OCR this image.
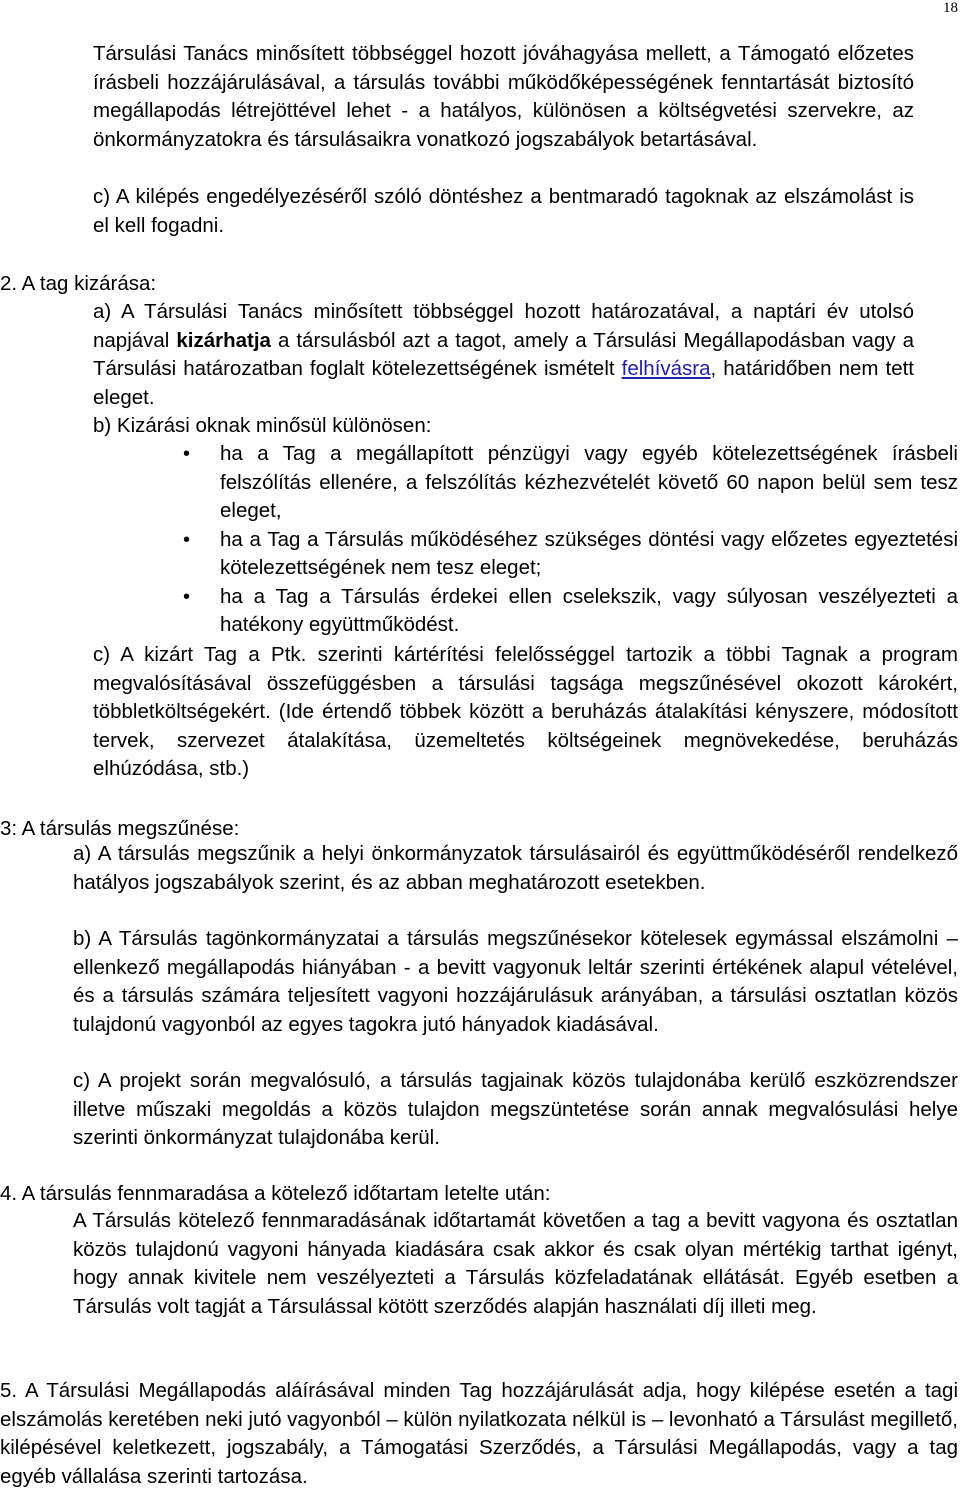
18

Társulási Tanács minősített többséggel hozott jóváhagyása mellett, a Támogató előzetes írásbeli hozzájárulásával, a társulás további működőképességének fenntartását biztosító megállapodás létrejöttével lehet - a hatályos, különösen a költségvetési szervekre, az önkormányzatokra és társulásaikra vonatkozó jogszabályok betartásával.

c) A kilépés engedélyezéséről szóló döntéshez a bentmaradó tagoknak az elszámolást is el kell fogadni.

2. A tag kizárása:

a) A Társulási Tanács minősített többséggel hozott határozatával, a naptári év utolsó napjával kizárhatja a társulásból azt a tagot, amely a Társulási Megállapodásban vagy a Társulási határozatban foglalt kötelezettségének ismételt felhívásra, határidőben nem tett eleget.

b) Kizárási oknak minősül különösen:

• ha a Tag a megállapított pénzügyi vagy egyéb kötelezettségének írásbeli felszólítás ellenére, a felszólítás kézhezvételét követő 60 napon belül sem tesz eleget,
• ha a Tag a Társulás működéséhez szükséges döntési vagy előzetes egyeztetési kötelezettségének nem tesz eleget;
• ha a Tag a Társulás érdekei ellen cselekszik, vagy súlyosan veszélyezteti a hatékony együttműködést.

c) A kizárt Tag a Ptk. szerinti kártérítési felelősséggel tartozik a többi Tagnak a program megvalósításával összefüggésben a társulási tagsága megszűnésével okozott károkért, többletköltségekért. (Ide értendő többek között a beruházás átalakítási kényszere, módosított tervek, szervezet átalakítása, üzemeltetés költségeinek megnövekedése, beruházás elhúzódása, stb.)

3: A társulás megszűnése:

a) A társulás megszűnik a helyi önkormányzatok társulásairól és együttműködéséről rendelkező hatályos jogszabályok szerint, és az abban meghatározott esetekben.

b) A Társulás tagönkormányzatai a társulás megszűnésekor kötelesek egymással elszámolni – ellenkező megállapodás hiányában - a bevitt vagyonuk leltár szerinti értékének alapul vételével, és a társulás számára teljesített vagyoni hozzájárulásuk arányában, a társulási osztatlan közös tulajdonú vagyonból az egyes tagokra jutó hányadok kiadásával.

c) A projekt során megvalósuló, a társulás tagjainak közös tulajdonába kerülő eszközrendszer illetve műszaki megoldás a közös tulajdon megszüntetése során annak megvalósulási helye szerinti önkormányzat tulajdonába kerül.

4. A társulás fennmaradása a kötelező időtartam letelte után:

A Társulás kötelező fennmaradásának időtartamát követően a tag a bevitt vagyona és osztatlan közös tulajdonú vagyoni hányada kiadására csak akkor és csak olyan mértékig tarthat igényt, hogy annak kivitele nem veszélyezteti a Társulás közfeladatának ellátását. Egyéb esetben a Társulás volt tagját a Társulással kötött szerződés alapján használati díj illeti meg.

5. A Társulási Megállapodás aláírásával minden Tag hozzájárulását adja, hogy kilépése esetén a tagi elszámolás keretében neki jutó vagyonból – külön nyilatkozata nélkül is – levonható a Társulást megillető, kilépésével keletkezett, jogszabály, a Támogatási Szerződés, a Társulási Megállapodás, vagy a tag egyéb vállalása szerinti tartozása.
